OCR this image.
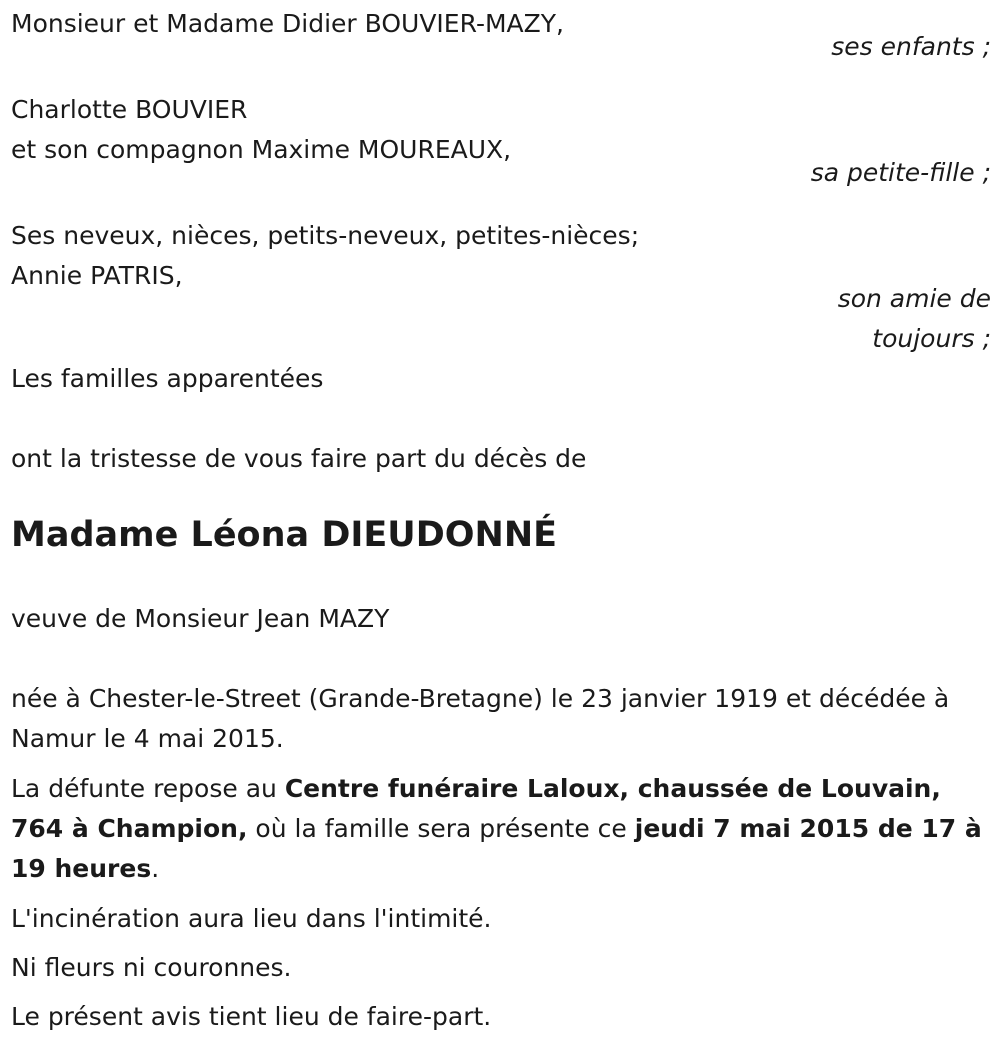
Monsieur et Madame Didier BOUVIER-MAZY,
ses enfants ;
Charlotte BOUVIER
et son compagnon Maxime MOUREAUX,
sa petite-fille ;
Ses neveux, nièces, petits-neveux, petites-nièces;
Annie PATRIS,
son amie de
toujours ;
Les familles apparentées
ont la tristesse de vous faire part du décès de
Madame Léona DIEUDONNÉ
veuve de Monsieur Jean MAZY
née à Chester-le-Street (Grande-Bretagne) le 23 janvier 1919 et décédée à Namur le 4 mai 2015.
La défunte repose au Centre funéraire Laloux, chaussée de Louvain, 764 à Champion, où la famille sera présente ce jeudi 7 mai 2015 de 17 à 19 heures.
L'incinération aura lieu dans l'intimité.
Ni fleurs ni couronnes.
Le présent avis tient lieu de faire-part.
